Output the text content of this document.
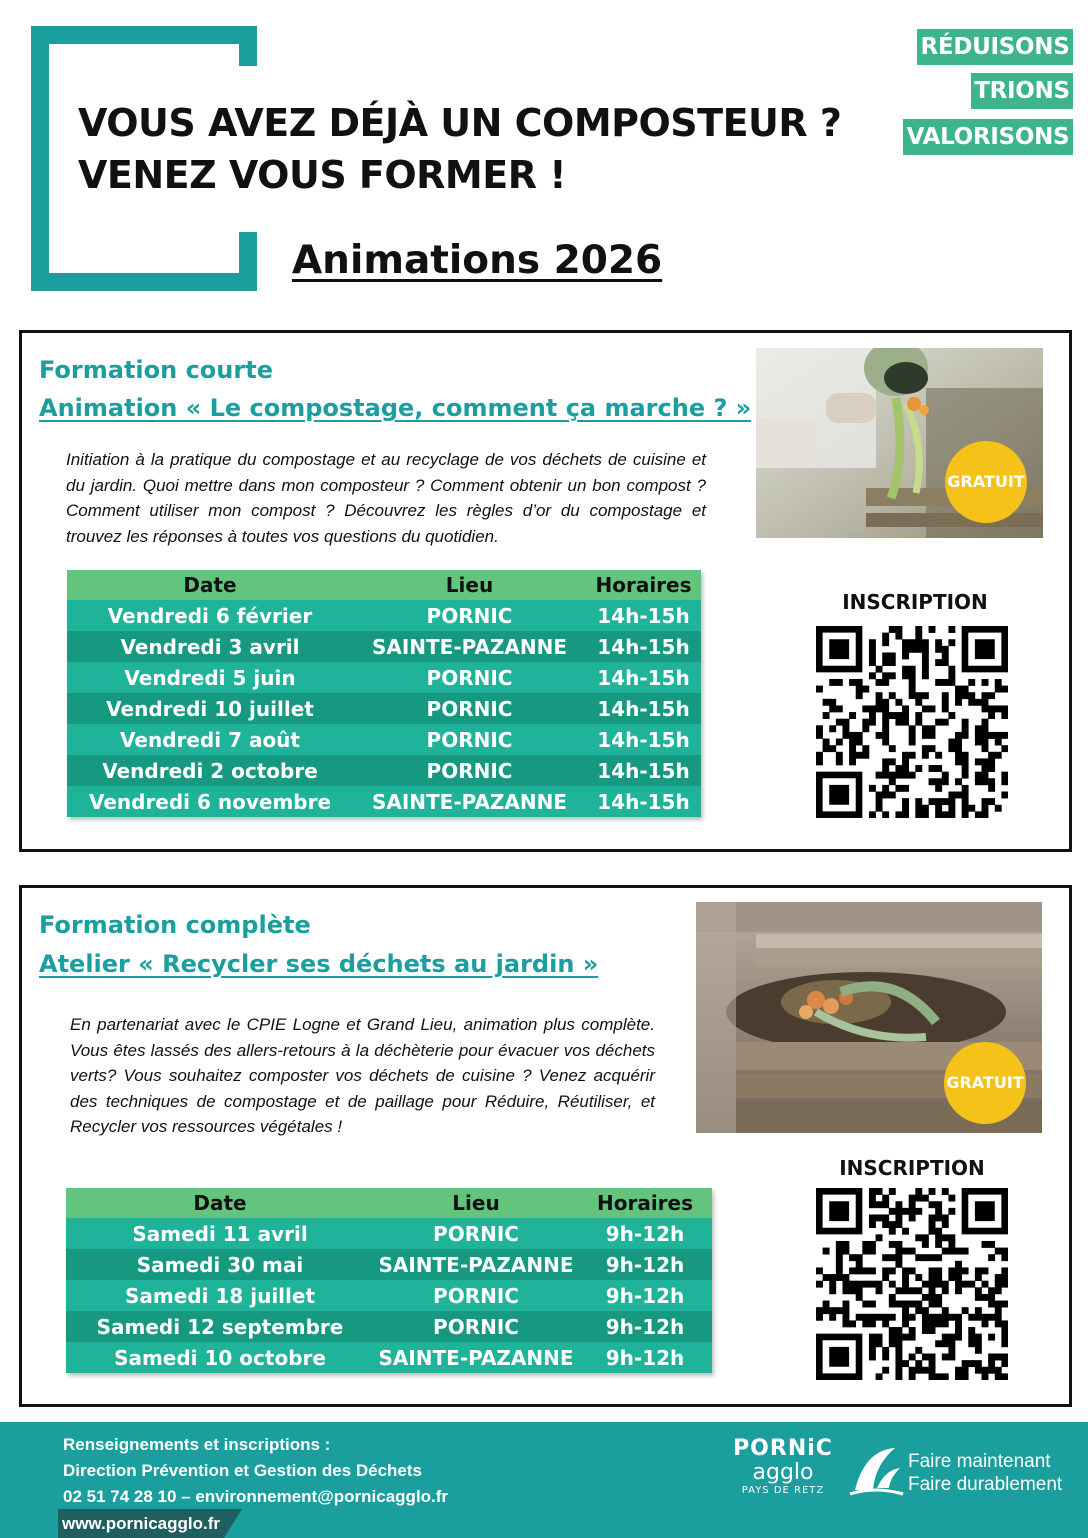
VOUS AVEZ DÉJÀ UN COMPOSTEUR ?
VENEZ VOUS FORMER !
Animations 2026
RÉDUISONS
TRIONS
VALORISONS
Formation courte
Animation « Le compostage, comment ça marche ? »
Initiation à la pratique du compostage et au recyclage de vos déchets de cuisine et du jardin. Quoi mettre dans mon composteur ? Comment obtenir un bon compost ? Comment utiliser mon compost ? Découvrez les règles d’or du compostage et trouvez les réponses à toutes vos questions du quotidien.
GRATUIT
Date	Lieu	Horaires
Vendredi 6 février	PORNIC	14h-15h
Vendredi 3 avril	SAINTE-PAZANNE	14h-15h
Vendredi 5 juin	PORNIC	14h-15h
Vendredi 10 juillet	PORNIC	14h-15h
Vendredi 7 août	PORNIC	14h-15h
Vendredi 2 octobre	PORNIC	14h-15h
Vendredi 6 novembre	SAINTE-PAZANNE	14h-15h
INSCRIPTION
Formation complète
Atelier « Recycler ses déchets au jardin »
En partenariat avec le CPIE Logne et Grand Lieu, animation plus complète. Vous êtes lassés des allers-retours à la déchèterie pour évacuer vos déchets verts? Vous souhaitez composter vos déchets de cuisine ? Venez acquérir des techniques de compostage et de paillage pour Réduire, Réutiliser, et Recycler vos ressources végétales !
GRATUIT
Date	Lieu	Horaires
Samedi 11 avril	PORNIC	9h-12h
Samedi 30 mai	SAINTE-PAZANNE	9h-12h
Samedi 18 juillet	PORNIC	9h-12h
Samedi 12 septembre	PORNIC	9h-12h
Samedi 10 octobre	SAINTE-PAZANNE	9h-12h
INSCRIPTION
Renseignements et inscriptions :
Direction Prévention et Gestion des Déchets
02 51 74 28 10 – environnement@pornicagglo.fr
www.pornicagglo.fr
PORNiC
agglo
PAYS DE RETZ
Faire maintenant
Faire durablement
